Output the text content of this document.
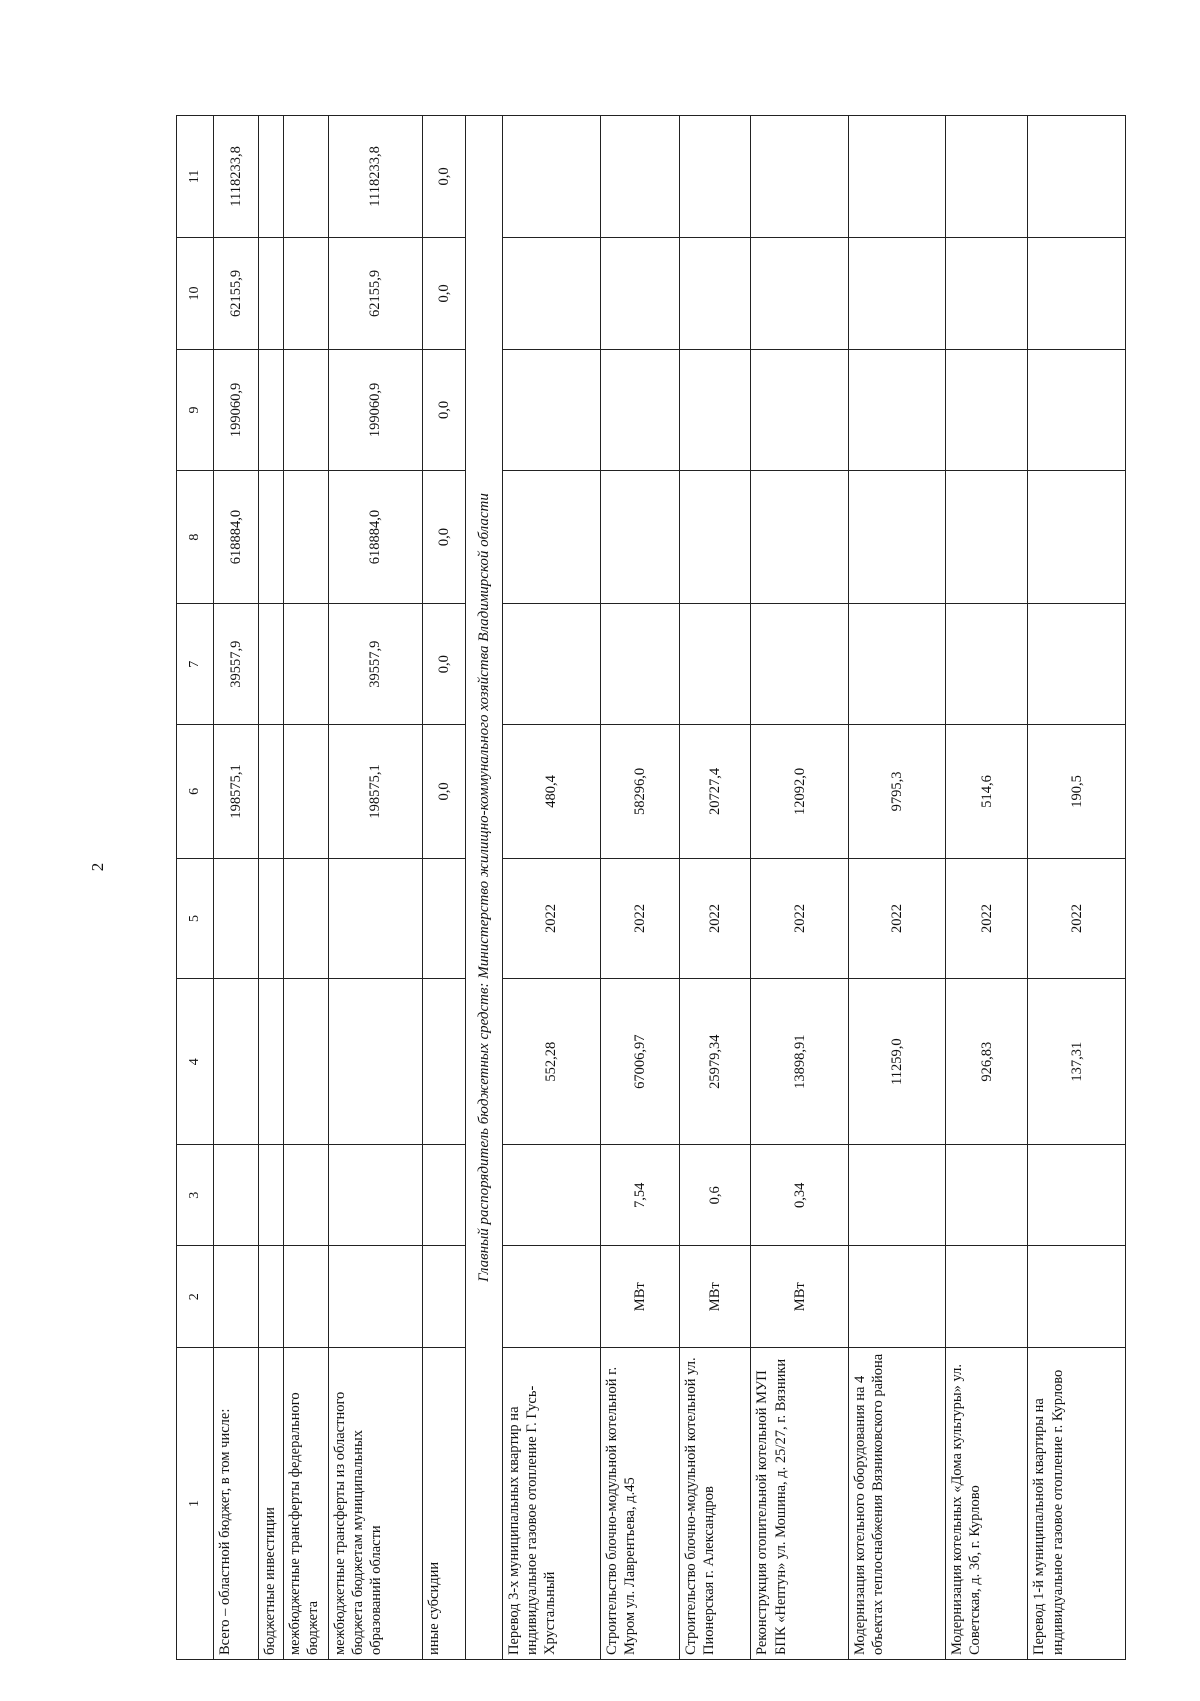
2
1	2	3	4	5	6	7	8	9	10	11
Всего – областной бюджет, в том числе:					198575,1	39557,9	618884,0	199060,9	62155,9	1118233,8
бюджетные инвестиции										
межбюджетные трансферты федерального бюджета										
межбюджетные трансферты из областного бюджета бюджетам муниципальных образований области					198575,1	39557,9	618884,0	199060,9	62155,9	1118233,8
иные субсидии					0,0	0,0	0,0	0,0	0,0	0,0
Главный распорядитель бюджетных средств: Министерство жилищно-коммунального хозяйства Владимирской области										
Перевод 3-х муниципальных квартир на индивидуальное газовое отопление Г. Гусь-Хрустальный			552,28	2022	480,4					
Строительство блочно-модульной котельной г. Муром ул. Лаврентьева, д.45	МВт	7,54	67006,97	2022	58296,0					
Строительство блочно-модульной котельной ул. Пионерская г. Александров	МВт	0,6	25979,34	2022	20727,4					
Реконструкция отопительной котельной МУП БПК «Нептун» ул. Мошина, д. 25/27, г. Вязники	МВт	0,34	13898,91	2022	12092,0					
Модернизация котельного оборудования на 4 объектах теплоснабжения Вязниковского района			11259,0	2022	9795,3					
Модернизация котельных «Дома культуры» ул. Советская, д. 3б, г. Курлово			926,83	2022	514,6					
Перевод 1-й муниципальной квартиры на индивидуальное газовое отопление г. Курлово			137,31	2022	190,5					
